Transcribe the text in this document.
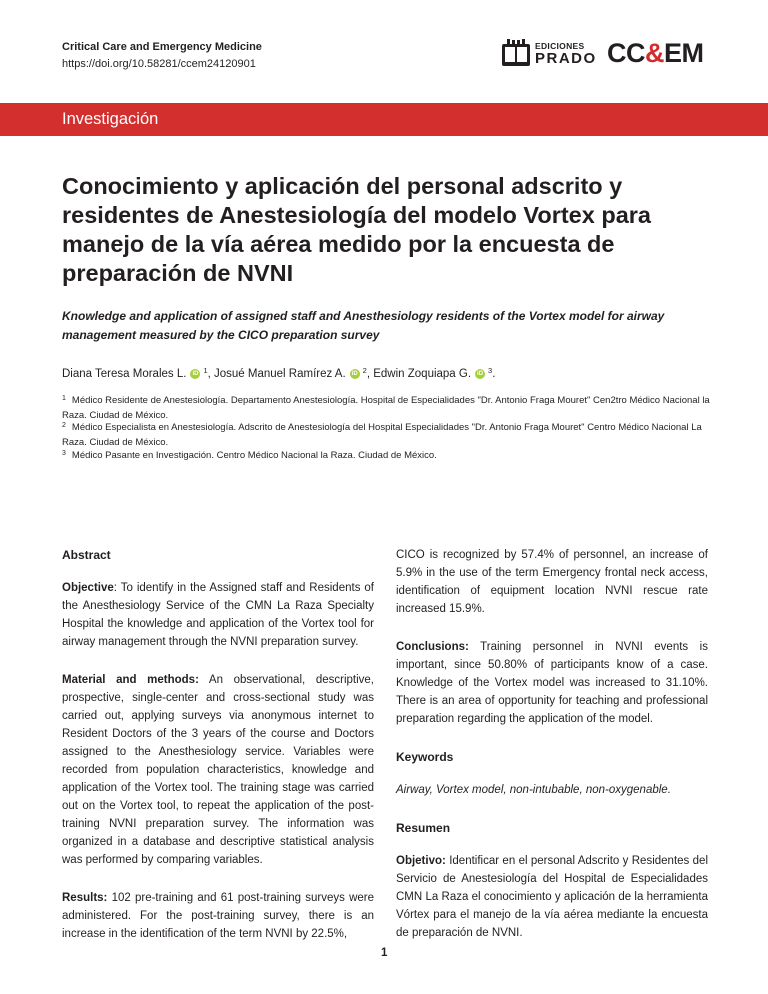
Critical Care and Emergency Medicine
https://doi.org/10.58281/ccem24120901
EDICIONES
PRADO CC&EM
Investigación
Conocimiento y aplicación del personal adscrito y residentes de Anestesiología del modelo Vortex para manejo de la vía aérea medido por la encuesta de preparación de NVNI
Knowledge and application of assigned staff and Anesthesiology residents of the Vortex model for airway management measured by the CICO preparation survey
Diana Teresa Morales L.	iD 1 , Josué Manuel Ramírez A.	iD 2 , Edwin Zoquiapa G.	iD 3 .
$^1$ Médico Residente de Anestesiología. Departamento Anestesiología. Hospital de Especialidades "Dr. Antonio Fraga Mouret" Cen2tro Médico Nacional la Raza. Ciudad de México.
$^2$ Médico Especialista en Anestesiología. Adscrito de Anestesiología del Hospital Especialidades "Dr. Antonio Fraga Mouret" Centro Médico Nacional La Raza. Ciudad de México.
$^3$ Médico Pasante en Investigación. Centro Médico Nacional la Raza. Ciudad de México.

Abstract

Objective: To identify in the Assigned staff and Residents of the Anesthesiology Service of the CMN La Raza Specialty Hospital the knowledge and application of the Vortex tool for airway management through the NVNI preparation survey.

Material and methods: An observational, descriptive, prospective, single-center and cross-sectional study was carried out, applying surveys via anonymous internet to Resident Doctors of the 3 years of the course and Doctors assigned to the Anesthesiology service. Variables were recorded from population characteristics, knowledge and application of the Vortex tool. The training stage was carried out on the Vortex tool, to repeat the application of the post-training NVNI preparation survey. The information was organized in a database and descriptive statistical analysis was performed by comparing variables.

Results: 102 pre-training and 61 post-training surveys were administered. For the post-training survey, there is an increase in the identification of the term NVNI by 22.5%,

CICO is recognized by 57.4% of personnel, an increase of 5.9% in the use of the term Emergency frontal neck access, identification of equipment location NVNI rescue rate increased 15.9%.

Conclusions: Training personnel in NVNI events is important, since 50.80% of participants know of a case. Knowledge of the Vortex model was increased to 31.10%. There is an area of opportunity for teaching and professional preparation regarding the application of the model.

Keywords

Airway, Vortex model, non-intubable, non-oxygenable.

Resumen

Objetivo: Identificar en el personal Adscrito y Residentes del Servicio de Anestesiología del Hospital de Especialidades CMN La Raza el conocimiento y aplicación de la herramienta Vórtex para el manejo de la vía aérea mediante la encuesta de preparación de NVNI.

1
